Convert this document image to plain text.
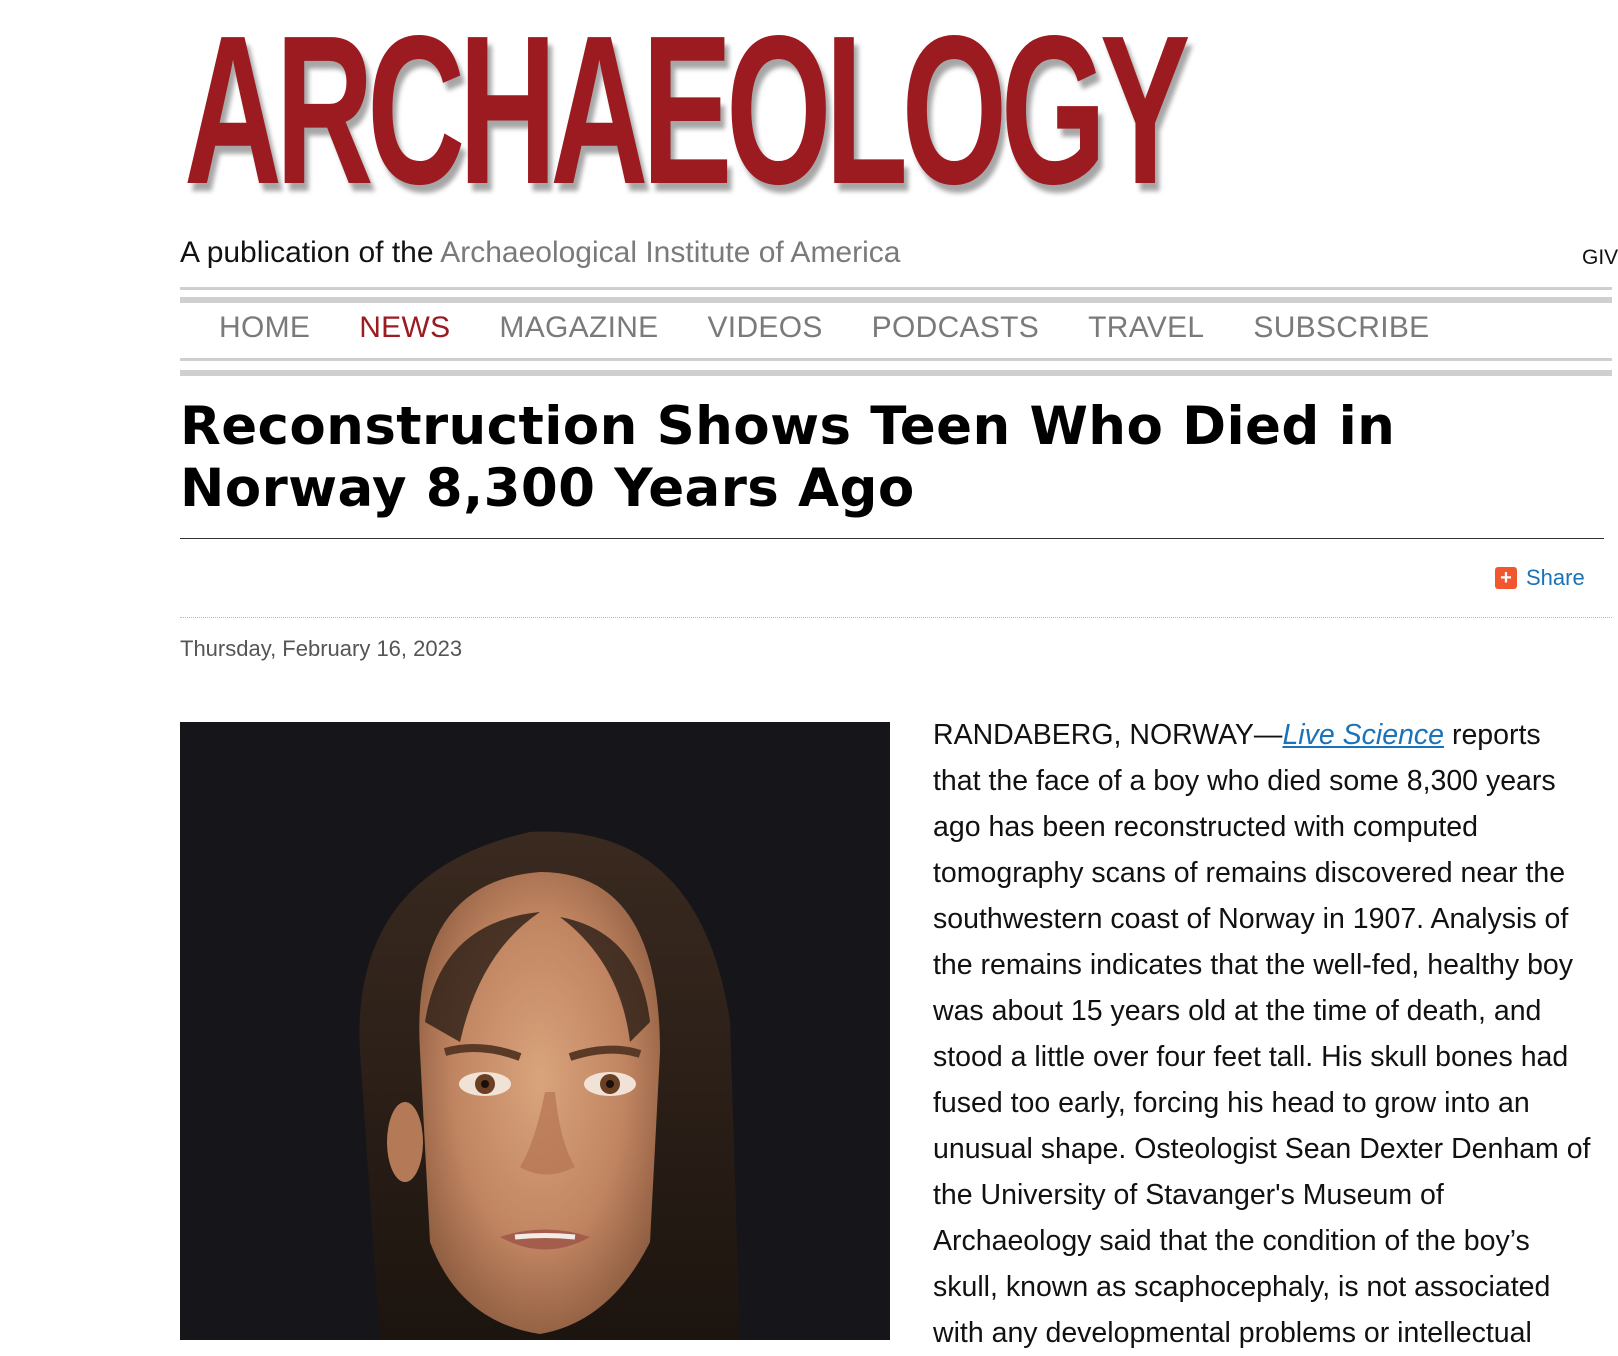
ARCHAEOLOGY
A publication of the Archaeological Institute of America	GIV
HOME NEWS MAGAZINE VIDEOS PODCASTS TRAVEL SUBSCRIBE
Reconstruction Shows Teen Who Died in Norway 8,300 Years Ago
+ Share
Thursday, February 16, 2023

RANDABERG, NORWAY—Live Science reports that the face of a boy who died some 8,300 years ago has been reconstructed with computed tomography scans of remains discovered near the southwestern coast of Norway in 1907. Analysis of the remains indicates that the well-fed, healthy boy was about 15 years old at the time of death, and stood a little over four feet tall. His skull bones had fused too early, forcing his head to grow into an unusual shape. Osteologist Sean Dexter Denham of the University of Stavanger's Museum of Archaeology said that the condition of the boy’s skull, known as scaphocephaly, is not associated with any developmental problems or intellectual
